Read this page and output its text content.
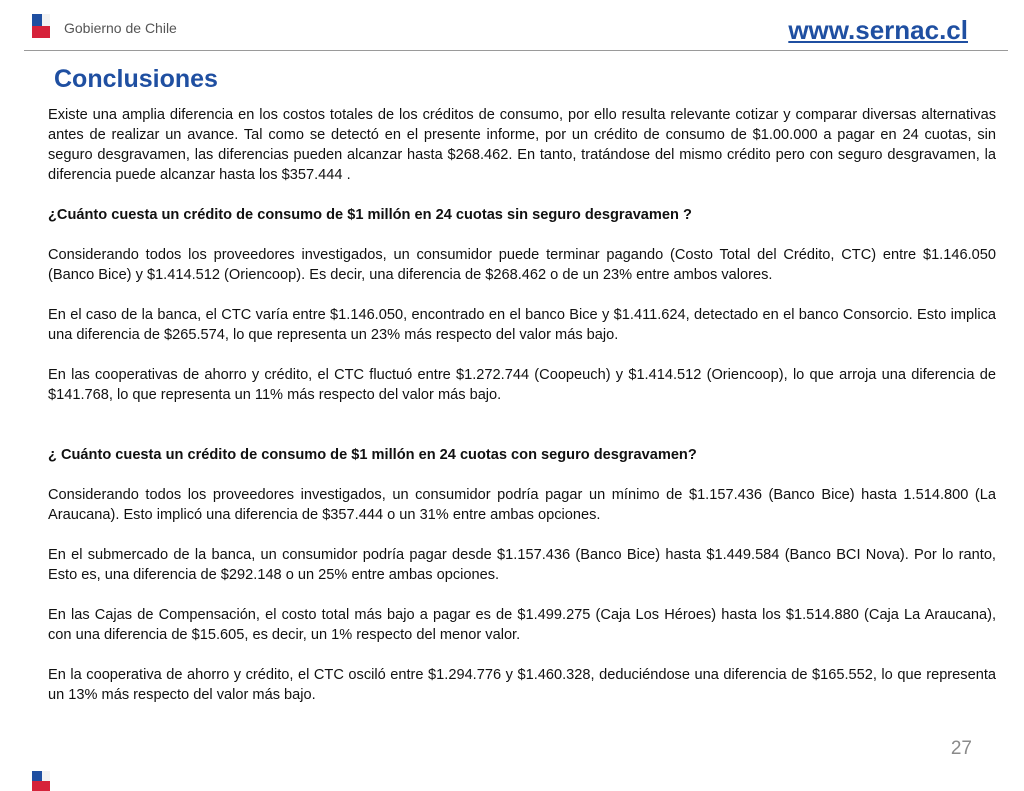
Gobierno de Chile	www.sernac.cl
Conclusiones

Existe una amplia diferencia en los costos totales de los créditos de consumo, por ello resulta relevante cotizar y comparar diversas alternativas antes de realizar un avance. Tal como se detectó en el presente informe, por un crédito de consumo de $1.00.000 a pagar en 24 cuotas, sin seguro desgravamen, las diferencias pueden alcanzar hasta $268.462. En tanto, tratándose del mismo crédito pero con seguro desgravamen, la diferencia puede alcanzar hasta los $357.444 .

¿Cuánto cuesta un crédito de consumo de $1 millón en 24 cuotas sin seguro desgravamen ?

Considerando todos los proveedores investigados, un consumidor puede terminar pagando (Costo Total del Crédito, CTC) entre $1.146.050 (Banco Bice) y $1.414.512 (Oriencoop). Es decir, una diferencia de $268.462 o de un 23% entre ambos valores.

En el caso de la banca, el CTC varía entre $1.146.050, encontrado en el banco Bice y $1.411.624, detectado en el banco Consorcio. Esto implica una diferencia de $265.574, lo que representa un 23% más respecto del valor más bajo.

En las cooperativas de ahorro y crédito, el CTC fluctuó entre $1.272.744 (Coopeuch) y $1.414.512 (Oriencoop), lo que arroja una diferencia de $141.768, lo que representa un 11% más respecto del valor más bajo.

¿ Cuánto cuesta un crédito de consumo de $1 millón en 24 cuotas con seguro desgravamen?

Considerando todos los proveedores investigados, un consumidor podría pagar un mínimo de $1.157.436 (Banco Bice) hasta 1.514.800 (La Araucana). Esto implicó una diferencia de $357.444 o un 31% entre ambas opciones.

En el submercado de la banca, un consumidor podría pagar desde $1.157.436 (Banco Bice) hasta $1.449.584 (Banco BCI Nova). Por lo ranto, Esto es, una diferencia de $292.148 o un 25% entre ambas opciones.

En las Cajas de Compensación, el costo total más bajo a pagar es de $1.499.275 (Caja Los Héroes) hasta los $1.514.880 (Caja La Araucana), con una diferencia de $15.605, es decir, un 1% respecto del menor valor.

En la cooperativa de ahorro y crédito, el CTC osciló entre $1.294.776 y $1.460.328, deduciéndose una diferencia de $165.552, lo que representa un 13% más respecto del valor más bajo.

27
